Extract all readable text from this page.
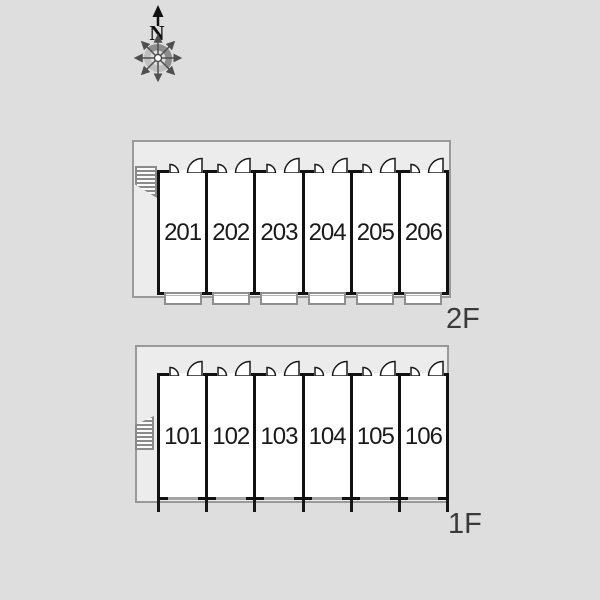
N
201 202 203 204 205 206
2F
101 102 103 104 105 106
1F
